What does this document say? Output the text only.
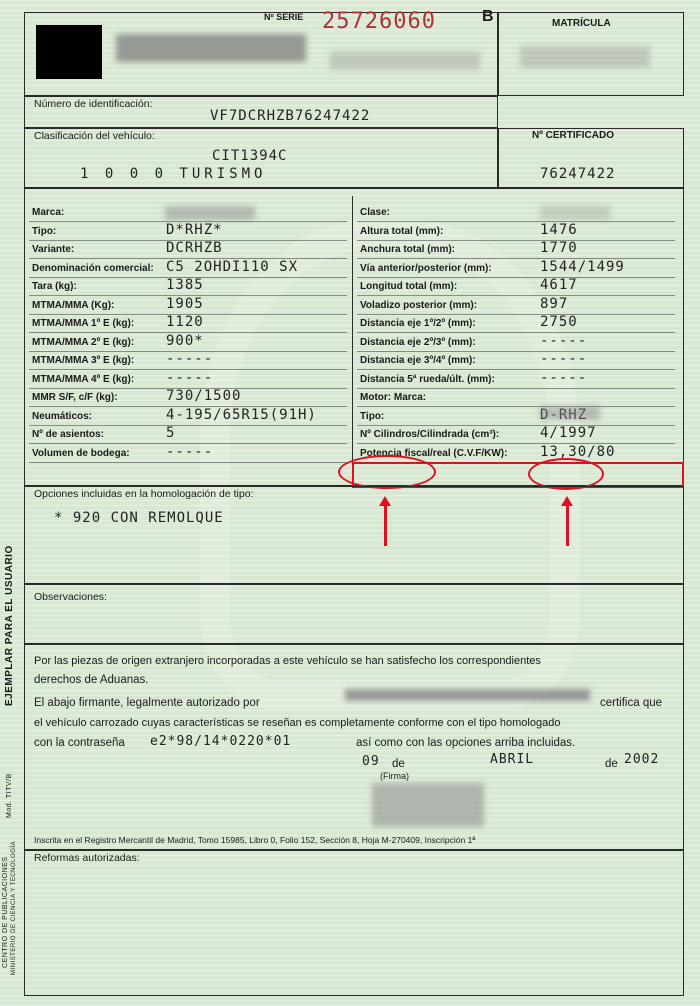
Nº SERIE 25726060	B	MATRÍCULA
Número de identificación:
VF7DCRHZB76247422
Clasificación del vehículo:
CIT1394C
1 0 0 0 TURISMO
Nº CERTIFICADO
76247422
Marca:
Tipo:	D*RHZ*
Variante:	DCRHZB
Denominación comercial: C5 2OHDI110 SX
Tara (kg):	1385
MTMA/MMA (Kg):	1905
MTMA/MMA 1º E (kg): 1120
MTMA/MMA 2º E (kg): 900*
MTMA/MMA 3º E (kg): -----
MTMA/MMA 4º E (kg): -----
MMR S/F, c/F (kg):	730/1500
Neumáticos:	4-195/65R15(91H)
Nº de asientos:	5
Volumen de bodega:	-----
Clase:
Altura total (mm):	1476
Anchura total (mm):	1770
Vía anterior/posterior (mm):	1544/1499
Longitud total (mm):	4617
Voladizo posterior (mm):	897
Distancia eje 1º/2º (mm):	2750
Distancia eje 2º/3º (mm):	-----
Distancia eje 3º/4º (mm):	-----
Distancia 5ª rueda/últ. (mm):	-----
Motor: Marca:
Tipo:
Nº Cilindros/Cilindrada (cm³):	4/1997
Potencia fiscal/real (C.V.F/KW): 13,30/80
Opciones incluidas en la homologación de tipo:
* 920 CON REMOLQUE
Observaciones:
Por las piezas de origen extranjero incorporadas a este vehículo se han satisfecho los correspondientes
derechos de Aduanas.
El abajo firmante, legalmente autorizado por	certifica que
el vehículo carrozado cuyas características se reseñan es completamente conforme con el tipo homologado
con la contraseña e2*98/14*0220*01	así como con las opciones arriba incluidas.
09 de	ABRIL	de 2002
(Firma)
Inscrita en el Registro Mercantil de Madrid, Tomo 15985, Libro 0, Folio 152, Sección 8, Hoja M-270409, Inscripción 1ª
Reformas autorizadas:
EJEMPLAR PARA EL USUARIO
Mod. TITV/B
CENTRO DE PUBLICACIONES MINISTERIO DE CIENCIA Y TECNOLOGÍA
